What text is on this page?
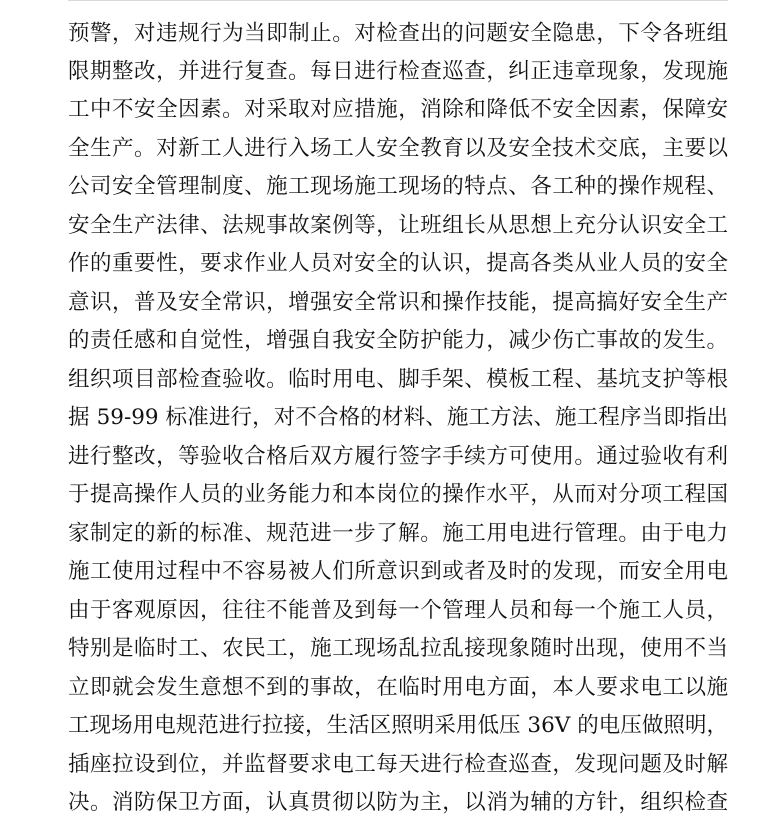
预警，对违规行为当即制止。对检查出的问题安全隐患，下令各班组
限期整改，并进行复查。每日进行检查巡查，纠正违章现象，发现施
工中不安全因素。对采取对应措施，消除和降低不安全因素，保障安
全生产。对新工人进行入场工人安全教育以及安全技术交底，主要以
公司安全管理制度、施工现场施工现场的特点、各工种的操作规程、
安全生产法律、法规事故案例等，让班组长从思想上充分认识安全工
作的重要性，要求作业人员对安全的认识，提高各类从业人员的安全
意识，普及安全常识，增强安全常识和操作技能，提高搞好安全生产
的责任感和自觉性，增强自我安全防护能力，减少伤亡事故的发生。
组织项目部检查验收。临时用电、脚手架、模板工程、基坑支护等根
据 59-99 标准进行，对不合格的材料、施工方法、施工程序当即指出
进行整改，等验收合格后双方履行签字手续方可使用。通过验收有利
于提高操作人员的业务能力和本岗位的操作水平，从而对分项工程国
家制定的新的标准、规范进一步了解。施工用电进行管理。由于电力
施工使用过程中不容易被人们所意识到或者及时的发现，而安全用电
由于客观原因，往往不能普及到每一个管理人员和每一个施工人员，
特别是临时工、农民工，施工现场乱拉乱接现象随时出现，使用不当
立即就会发生意想不到的事故，在临时用电方面，本人要求电工以施
工现场用电规范进行拉接，生活区照明采用低压 36V 的电压做照明，
插座拉设到位，并监督要求电工每天进行检查巡查，发现问题及时解
决。消防保卫方面，认真贯彻以防为主，以消为辅的方针，组织检查
